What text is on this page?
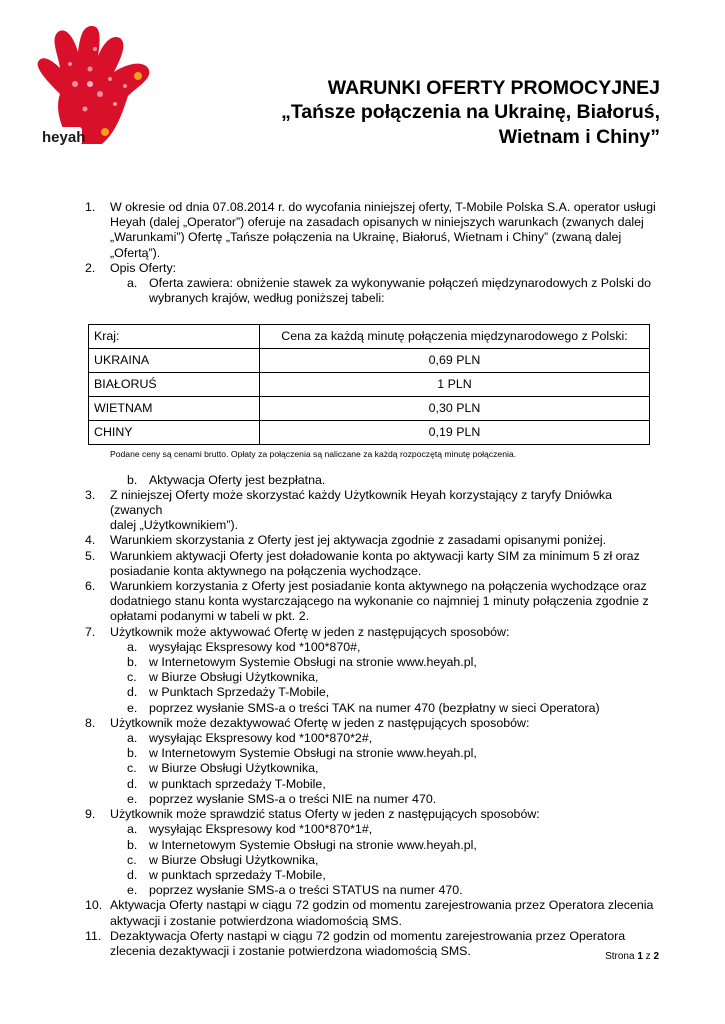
heyah
WARUNKI OFERTY PROMOCYJNEJ
„Tańsze połączenia na Ukrainę, Białoruś,
Wietnam i Chiny”
1.	W okresie od dnia 07.08.2014 r. do wycofania niniejszej oferty, T-Mobile Polska S.A. operator usługi
Heyah (dalej „Operator”) oferuje na zasadach opisanych w niniejszych warunkach (zwanych dalej
„Warunkami”) Ofertę „Tańsze połączenia na Ukrainę, Białoruś, Wietnam i Chiny” (zwaną dalej
„Ofertą”).
2.	Opis Oferty:
a. Oferta zawiera: obniżenie stawek za wykonywanie połączeń międzynarodowych z Polski do
wybranych krajów, według poniższej tabeli:
Kraj:	Cena za każdą minutę połączenia międzynarodowego z Polski:
UKRAINA	0,69 PLN
BIAŁORUŚ	1 PLN
WIETNAM	0,30 PLN
CHINY	0,19 PLN
Podane ceny są cenami brutto. Opłaty za połączenia są naliczane za każdą rozpoczętą minutę połączenia.
b. Aktywacja Oferty jest bezpłatna.
3.	Z niniejszej Oferty może skorzystać każdy Użytkownik Heyah korzystający z taryfy Dniówka (zwanych
dalej „Użytkownikiem”).
4.	Warunkiem skorzystania z Oferty jest jej aktywacja zgodnie z zasadami opisanymi poniżej.
5.	Warunkiem aktywacji Oferty jest doładowanie konta po aktywacji karty SIM za minimum 5 zł oraz
posiadanie konta aktywnego na połączenia wychodzące.
6.	Warunkiem korzystania z Oferty jest posiadanie konta aktywnego na połączenia wychodzące oraz
dodatniego stanu konta wystarczającego na wykonanie co najmniej 1 minuty połączenia zgodnie z
opłatami podanymi w tabeli w pkt. 2.
7.	Użytkownik może aktywować Ofertę w jeden z następujących sposobów:
a. wysyłając Ekspresowy kod *100*870#,
b. w Internetowym Systemie Obsługi na stronie www.heyah.pl,
c. w Biurze Obsługi Użytkownika,
d. w Punktach Sprzedaży T-Mobile,
e. poprzez wysłanie SMS-a o treści TAK na numer 470 (bezpłatny w sieci Operatora)
8.	Użytkownik może dezaktywować Ofertę w jeden z następujących sposobów:
a. wysyłając Ekspresowy kod *100*870*2#,
b. w Internetowym Systemie Obsługi na stronie www.heyah.pl,
c. w Biurze Obsługi Użytkownika,
d. w punktach sprzedaży T-Mobile,
e. poprzez wysłanie SMS-a o treści NIE na numer 470.
9.	Użytkownik może sprawdzić status Oferty w jeden z następujących sposobów:
a. wysyłając Ekspresowy kod *100*870*1#,
b. w Internetowym Systemie Obsługi na stronie www.heyah.pl,
c. w Biurze Obsługi Użytkownika,
d. w punktach sprzedaży T-Mobile,
e. poprzez wysłanie SMS-a o treści STATUS na numer 470.
10. Aktywacja Oferty nastąpi w ciągu 72 godzin od momentu zarejestrowania przez Operatora zlecenia
aktywacji i zostanie potwierdzona wiadomością SMS.
11. Dezaktywacja Oferty nastąpi w ciągu 72 godzin od momentu zarejestrowania przez Operatora
zlecenia dezaktywacji i zostanie potwierdzona wiadomością SMS.	Strona 1 z 2
